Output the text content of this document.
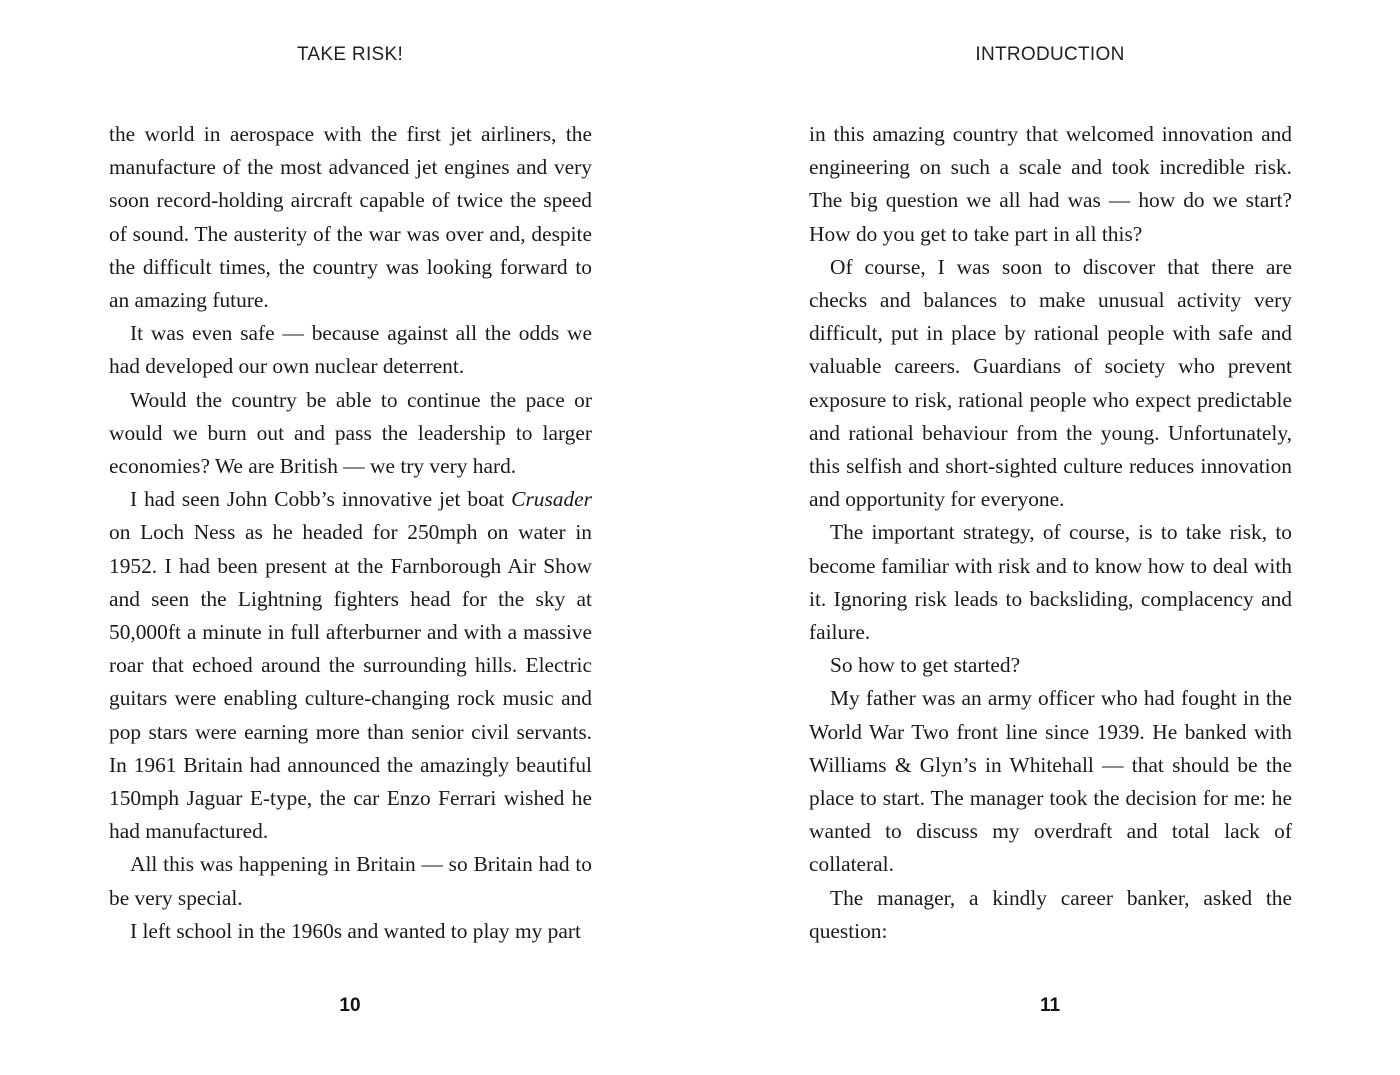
TAKE RISK!

the world in aerospace with the first jet airliners, the manufacture of the most advanced jet engines and very soon record-holding aircraft capable of twice the speed of sound. The austerity of the war was over and, despite the difficult times, the country was looking forward to an amazing future.

It was even safe — because against all the odds we had developed our own nuclear deterrent.

Would the country be able to continue the pace or would we burn out and pass the leadership to larger economies? We are British — we try very hard.

I had seen John Cobb’s innovative jet boat Crusader on Loch Ness as he headed for 250mph on water in 1952. I had been present at the Farnborough Air Show and seen the Lightning fighters head for the sky at 50,000ft a minute in full afterburner and with a massive roar that echoed around the surrounding hills. Electric guitars were enabling culture-changing rock music and pop stars were earning more than senior civil servants. In 1961 Britain had announced the amazingly beautiful 150mph Jaguar E-type, the car Enzo Ferrari wished he had manufactured.

All this was happening in Britain — so Britain had to be very special.

I left school in the 1960s and wanted to play my part

10
INTRODUCTION

in this amazing country that welcomed innovation and engineering on such a scale and took incredible risk. The big question we all had was — how do we start? How do you get to take part in all this?

Of course, I was soon to discover that there are checks and balances to make unusual activity very difficult, put in place by rational people with safe and valuable careers. Guardians of society who prevent exposure to risk, rational people who expect predictable and rational behaviour from the young. Unfortunately, this selfish and short-sighted culture reduces innovation and opportunity for everyone.

The important strategy, of course, is to take risk, to become familiar with risk and to know how to deal with it. Ignoring risk leads to backsliding, complacency and failure.

So how to get started?

My father was an army officer who had fought in the World War Two front line since 1939. He banked with Williams & Glyn’s in Whitehall — that should be the place to start. The manager took the decision for me: he wanted to discuss my overdraft and total lack of collateral.

The manager, a kindly career banker, asked the question:

11
